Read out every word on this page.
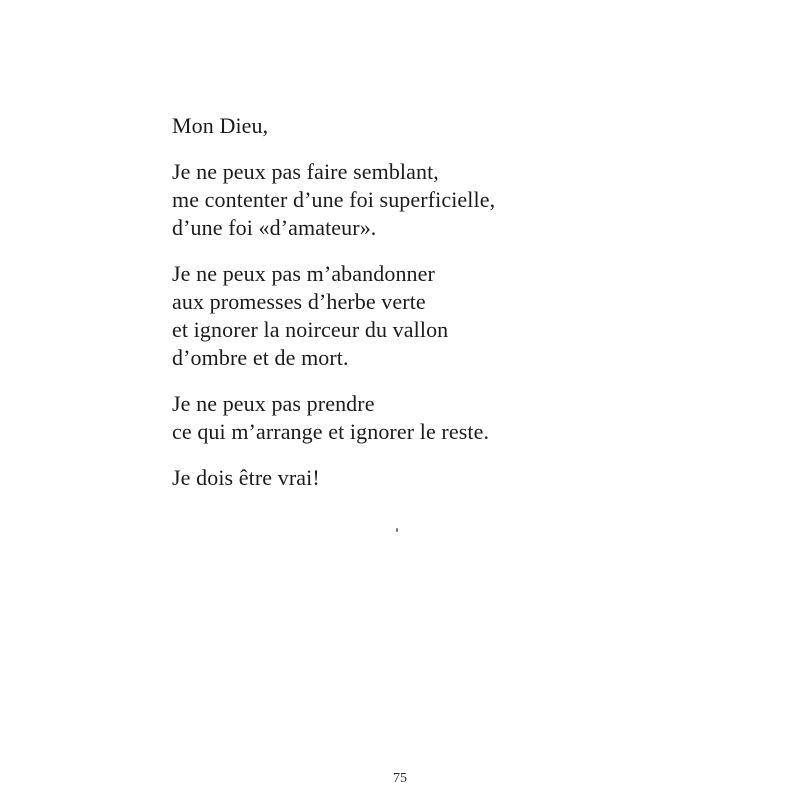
Mon Dieu,

Je ne peux pas faire semblant,
me contenter d’une foi superficielle,
d’une foi «d’amateur».
Je ne peux pas m’abandonner
aux promesses d’herbe verte
et ignorer la noirceur du vallon
d’ombre et de mort.
Je ne peux pas prendre
ce qui m’arrange et ignorer le reste.
Je dois être vrai!
75
